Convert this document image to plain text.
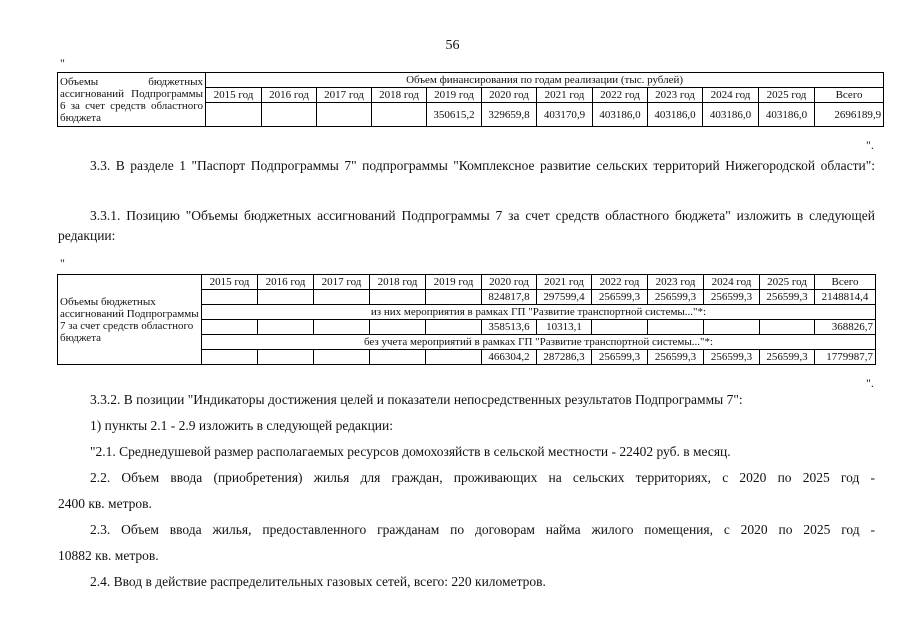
56
"
Объемы бюджетных ассигнований Подпрограммы 6 за счет средств областного бюджета	Объем финансирования по годам реализации (тыс. рублей)											
	2015 год	2016 год	2017 год	2018 год	2019 год	2020 год	2021 год	2022 год	2023 год	2024 год	2025 год	Всего
					350615,2	329659,8	403170,9	403186,0	403186,0	403186,0	403186,0	2696189,9
".
3.3. В разделе 1 "Паспорт Подпрограммы 7" подпрограммы "Комплексное развитие сельских территорий Нижегородской области":
3.3.1. Позицию "Объемы бюджетных ассигнований Подпрограммы 7 за счет средств областного бюджета" изложить в следующей редакции:
"
Объемы бюджетных ассигнований Подпрограммы 7 за счет средств областного бюджета	2015 год	2016 год	2017 год	2018 год	2019 год	2020 год	2021 год	2022 год	2023 год	2024 год	2025 год	Всего
						824817,8	297599,4	256599,3	256599,3	256599,3	256599,3	2148814,4
	из них мероприятия в рамках ГП "Развитие транспортной системы..."*:											
						358513,6	10313,1					368826,7
	без учета мероприятий в рамках ГП "Развитие транспортной системы..."*:											
						466304,2	287286,3	256599,3	256599,3	256599,3	256599,3	1779987,7
".
3.3.2. В позиции "Индикаторы достижения целей и показатели непосредственных результатов Подпрограммы 7":
1) пункты 2.1 - 2.9 изложить в следующей редакции:
"2.1. Среднедушевой размер располагаемых ресурсов домохозяйств в сельской местности - 22402 руб. в месяц.
2.2. Объем ввода (приобретения) жилья для граждан, проживающих на сельских территориях, с 2020 по 2025 год -
2400 кв. метров.
2.3. Объем ввода жилья, предоставленного гражданам по договорам найма жилого помещения, с 2020 по 2025 год -
10882 кв. метров.
2.4. Ввод в действие распределительных газовых сетей, всего: 220 километров.
